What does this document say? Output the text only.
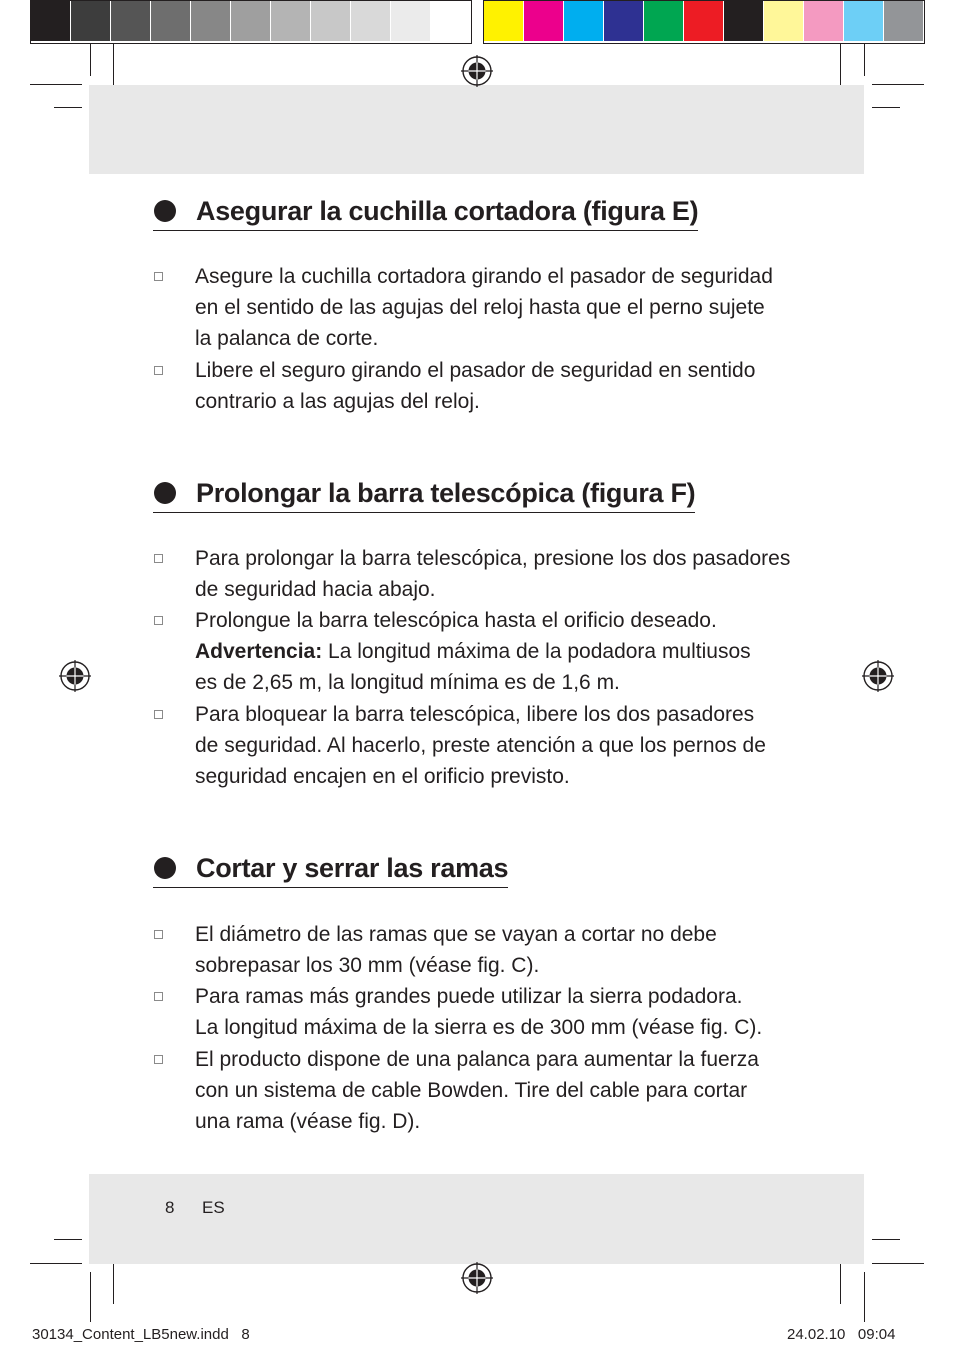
Asegurar la cuchilla cortadora (figura E)
Asegure la cuchilla cortadora girando el pasador de seguridad
en el sentido de las agujas del reloj hasta que el perno sujete
la palanca de corte.
Libere el seguro girando el pasador de seguridad en sentido
contrario a las agujas del reloj.
Prolongar la barra telescópica (figura F)
Para prolongar la barra telescópica, presione los dos pasadores
de seguridad hacia abajo.
Prolongue la barra telescópica hasta el orificio deseado.
Advertencia: La longitud máxima de la podadora multiusos
es de 2,65 m, la longitud mínima es de 1,6 m.
Para bloquear la barra telescópica, libere los dos pasadores
de seguridad. Al hacerlo, preste atención a que los pernos de
seguridad encajen en el orificio previsto.
Cortar y serrar las ramas
El diámetro de las ramas que se vayan a cortar no debe
sobrepasar los 30 mm (véase fig. C).
Para ramas más grandes puede utilizar la sierra podadora.
La longitud máxima de la sierra es de 300 mm (véase fig. C).
El producto dispone de una palanca para aumentar la fuerza
con un sistema de cable Bowden. Tire del cable para cortar
una rama (véase fig. D).
8 ES
30134_Content_LB5new.indd   8	24.02.10   09:04
